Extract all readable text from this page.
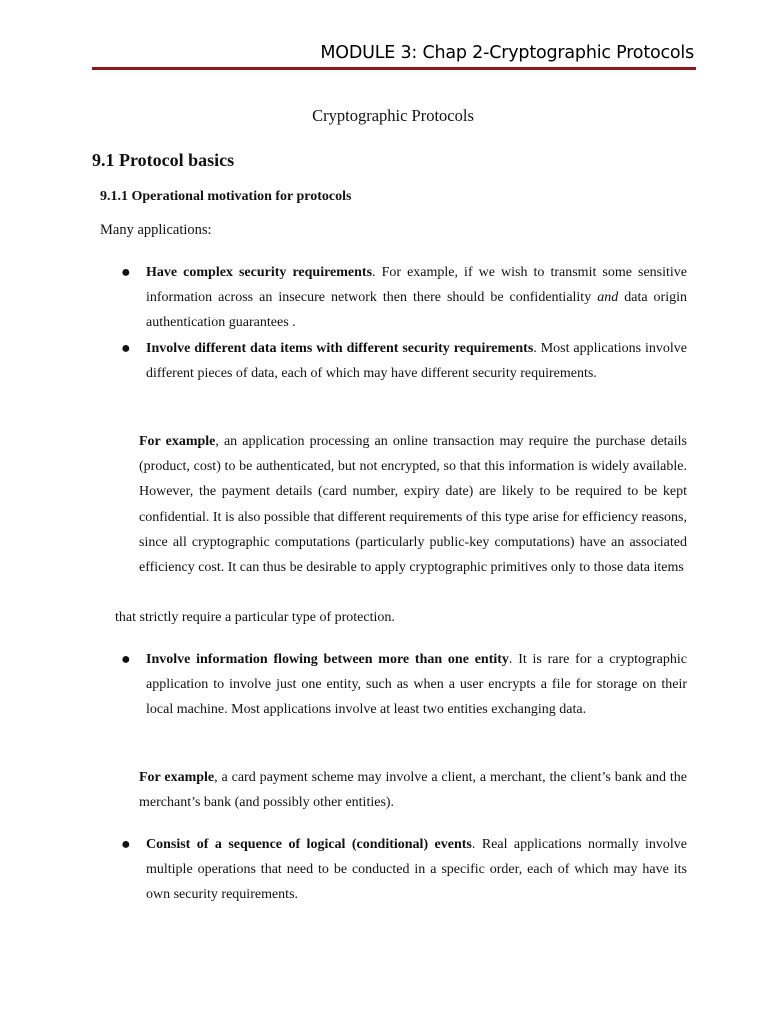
MODULE 3: Chap 2-Cryptographic Protocols
Cryptographic Protocols
9.1 Protocol basics
9.1.1 Operational motivation for protocols
Many applications:
● Have complex security requirements. For example, if we wish to transmit some sensitive information across an insecure network then there should be confidentiality and data origin authentication guarantees .
● Involve different data items with different security requirements. Most applications involve different pieces of data, each of which may have different security requirements.
For example, an application processing an online transaction may require the purchase details (product, cost) to be authenticated, but not encrypted, so that this information is widely available. However, the payment details (card number, expiry date) are likely to be required to be kept confidential. It is also possible that different requirements of this type arise for efficiency reasons, since all cryptographic computations (particularly public-key computations) have an associated efficiency cost. It can thus be desirable to apply cryptographic primitives only to those data items
that strictly require a particular type of protection.
● Involve information flowing between more than one entity. It is rare for a cryptographic application to involve just one entity, such as when a user encrypts a file for storage on their local machine. Most applications involve at least two entities exchanging data.
For example, a card payment scheme may involve a client, a merchant, the client’s bank and the merchant’s bank (and possibly other entities).
● Consist of a sequence of logical (conditional) events. Real applications normally involve multiple operations that need to be conducted in a specific order, each of which may have its own security requirements.
